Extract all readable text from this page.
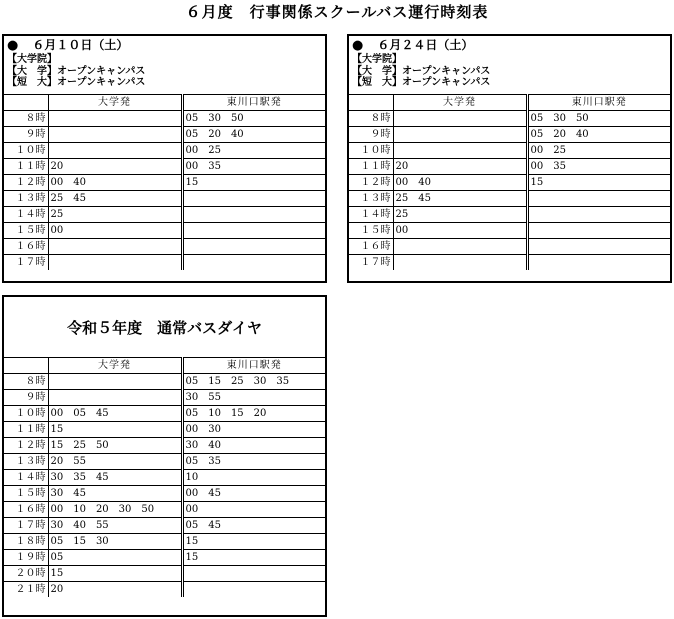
６月度　行事関係スクールバス運行時刻表
● ６月１０日（土）
【大学院】
【大　学】オープンキャンパス
【短　大】オープンキャンパス
	大学発	東川口駅発
８時		05　30　50
９時		05　20　40
１０時		00　25
１１時	20	00　35
１２時	00　40	15
１３時	25　45	
１４時	25	
１５時	00	
１６時		
１７時		
● ６月２４日（土）
【大学院】
【大　学】オープンキャンパス
【短　大】オープンキャンパス
	大学発	東川口駅発
８時		05　30　50
９時		05　20　40
１０時		00　25
１１時	20	00　35
１２時	00　40	15
１３時	25　45	
１４時	25	
１５時	00	
１６時		
１７時		
令和５年度　通常バスダイヤ
	大学発	東川口駅発
８時		05　15　25　30　35
９時		30　55
１０時	00　05　45	05　10　15　20
１１時	15	00　30
１２時	15　25　50	30　40
１３時	20　55	05　35
１４時	30　35　45	10
１５時	30　45	00　45
１６時	00　10　20　30　50	00
１７時	30　40　55	05　45
１８時	05　15　30	15
１９時	05	15
２０時	15	
２１時	20	
